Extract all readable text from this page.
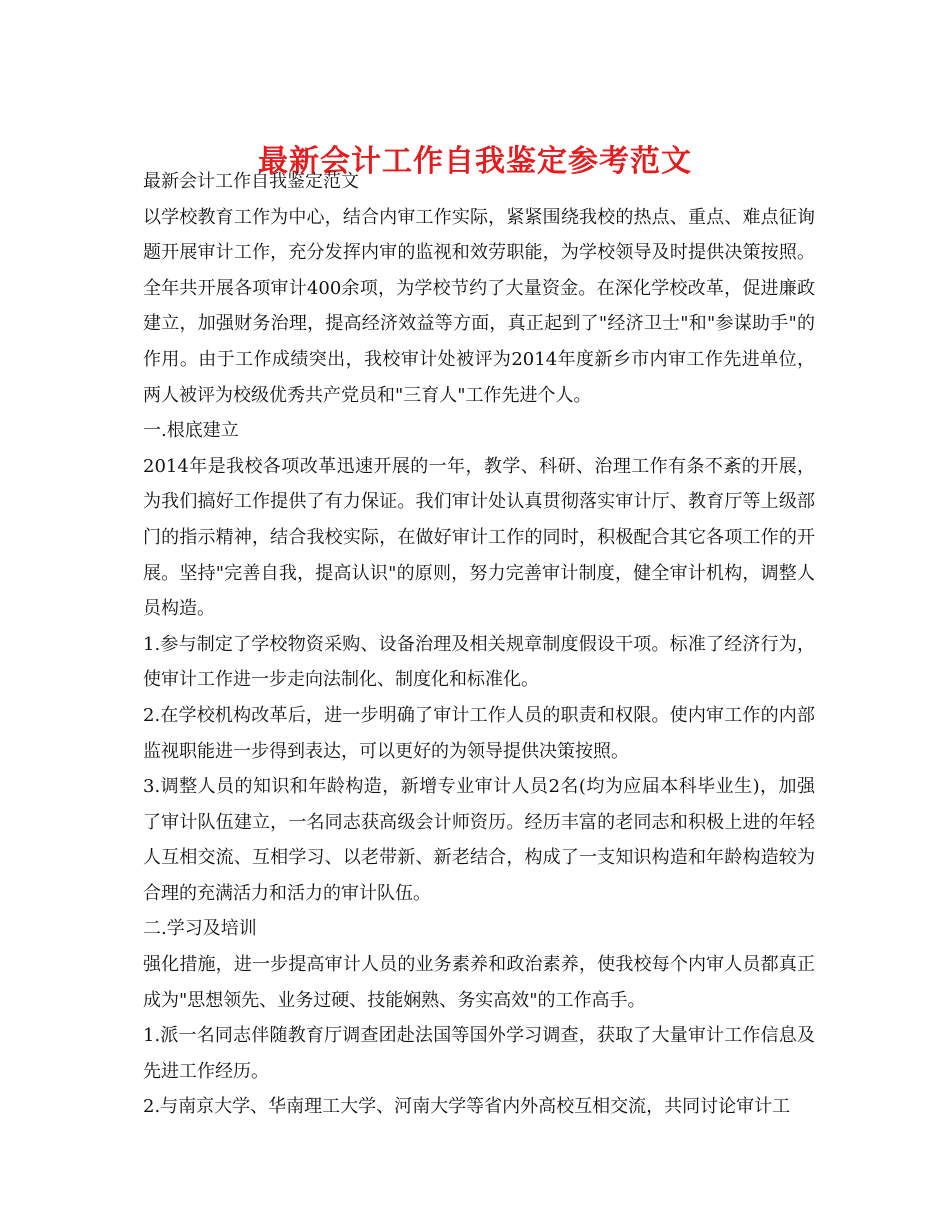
最新会计工作自我鉴定参考范文

最新会计工作自我鉴定范文

以学校教育工作为中心，结合内审工作实际，紧紧围绕我校的热点、重点、难点征询题开展审计工作，充分发挥内审的监视和效劳职能，为学校领导及时提供决策按照。全年共开展各项审计400余项，为学校节约了大量资金。在深化学校改革，促进廉政建立，加强财务治理，提高经济效益等方面，真正起到了"经济卫士"和"参谋助手"的作用。由于工作成绩突出，我校审计处被评为2014年度新乡市内审工作先进单位，两人被评为校级优秀共产党员和"三育人"工作先进个人。

一.根底建立

2014年是我校各项改革迅速开展的一年，教学、科研、治理工作有条不紊的开展，为我们搞好工作提供了有力保证。我们审计处认真贯彻落实审计厅、教育厅等上级部门的指示精神，结合我校实际，在做好审计工作的同时，积极配合其它各项工作的开展。坚持"完善自我，提高认识"的原则，努力完善审计制度，健全审计机构，调整人员构造。

1.参与制定了学校物资采购、设备治理及相关规章制度假设干项。标准了经济行为，使审计工作进一步走向法制化、制度化和标准化。

2.在学校机构改革后，进一步明确了审计工作人员的职责和权限。使内审工作的内部监视职能进一步得到表达，可以更好的为领导提供决策按照。

3.调整人员的知识和年龄构造，新增专业审计人员2名(均为应届本科毕业生)，加强了审计队伍建立，一名同志获高级会计师资历。经历丰富的老同志和积极上进的年轻人互相交流、互相学习、以老带新、新老结合，构成了一支知识构造和年龄构造较为合理的充满活力和活力的审计队伍。

二.学习及培训

强化措施，进一步提高审计人员的业务素养和政治素养，使我校每个内审人员都真正成为"思想领先、业务过硬、技能娴熟、务实高效"的工作高手。

1.派一名同志伴随教育厅调查团赴法国等国外学习调查，获取了大量审计工作信息及先进工作经历。

2.与南京大学、华南理工大学、河南大学等省内外高校互相交流，共同讨论审计工
